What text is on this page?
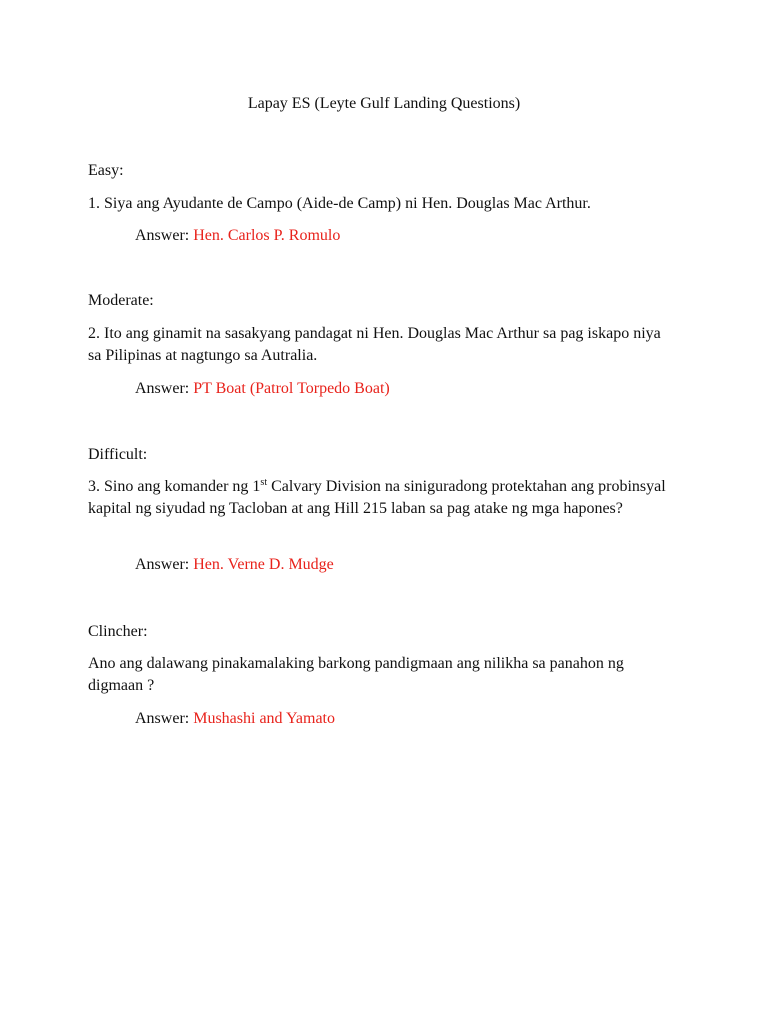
Lapay ES (Leyte Gulf Landing Questions)
Easy:
1. Siya ang Ayudante de Campo (Aide-de Camp) ni Hen. Douglas Mac Arthur.
Answer: Hen. Carlos P. Romulo
Moderate:
2. Ito ang ginamit na sasakyang pandagat ni Hen. Douglas Mac Arthur sa pag iskapo niya sa Pilipinas at nagtungo sa Autralia.
Answer: PT Boat (Patrol Torpedo Boat)
Difficult:
3. Sino ang komander ng 1st Calvary Division na siniguradong protektahan ang probinsyal kapital ng siyudad ng Tacloban at ang Hill 215 laban sa pag atake ng mga hapones?
Answer: Hen. Verne D. Mudge
Clincher:
Ano ang dalawang pinakamalaking barkong pandigmaan ang nilikha sa panahon ng digmaan ?
Answer: Mushashi and Yamato
